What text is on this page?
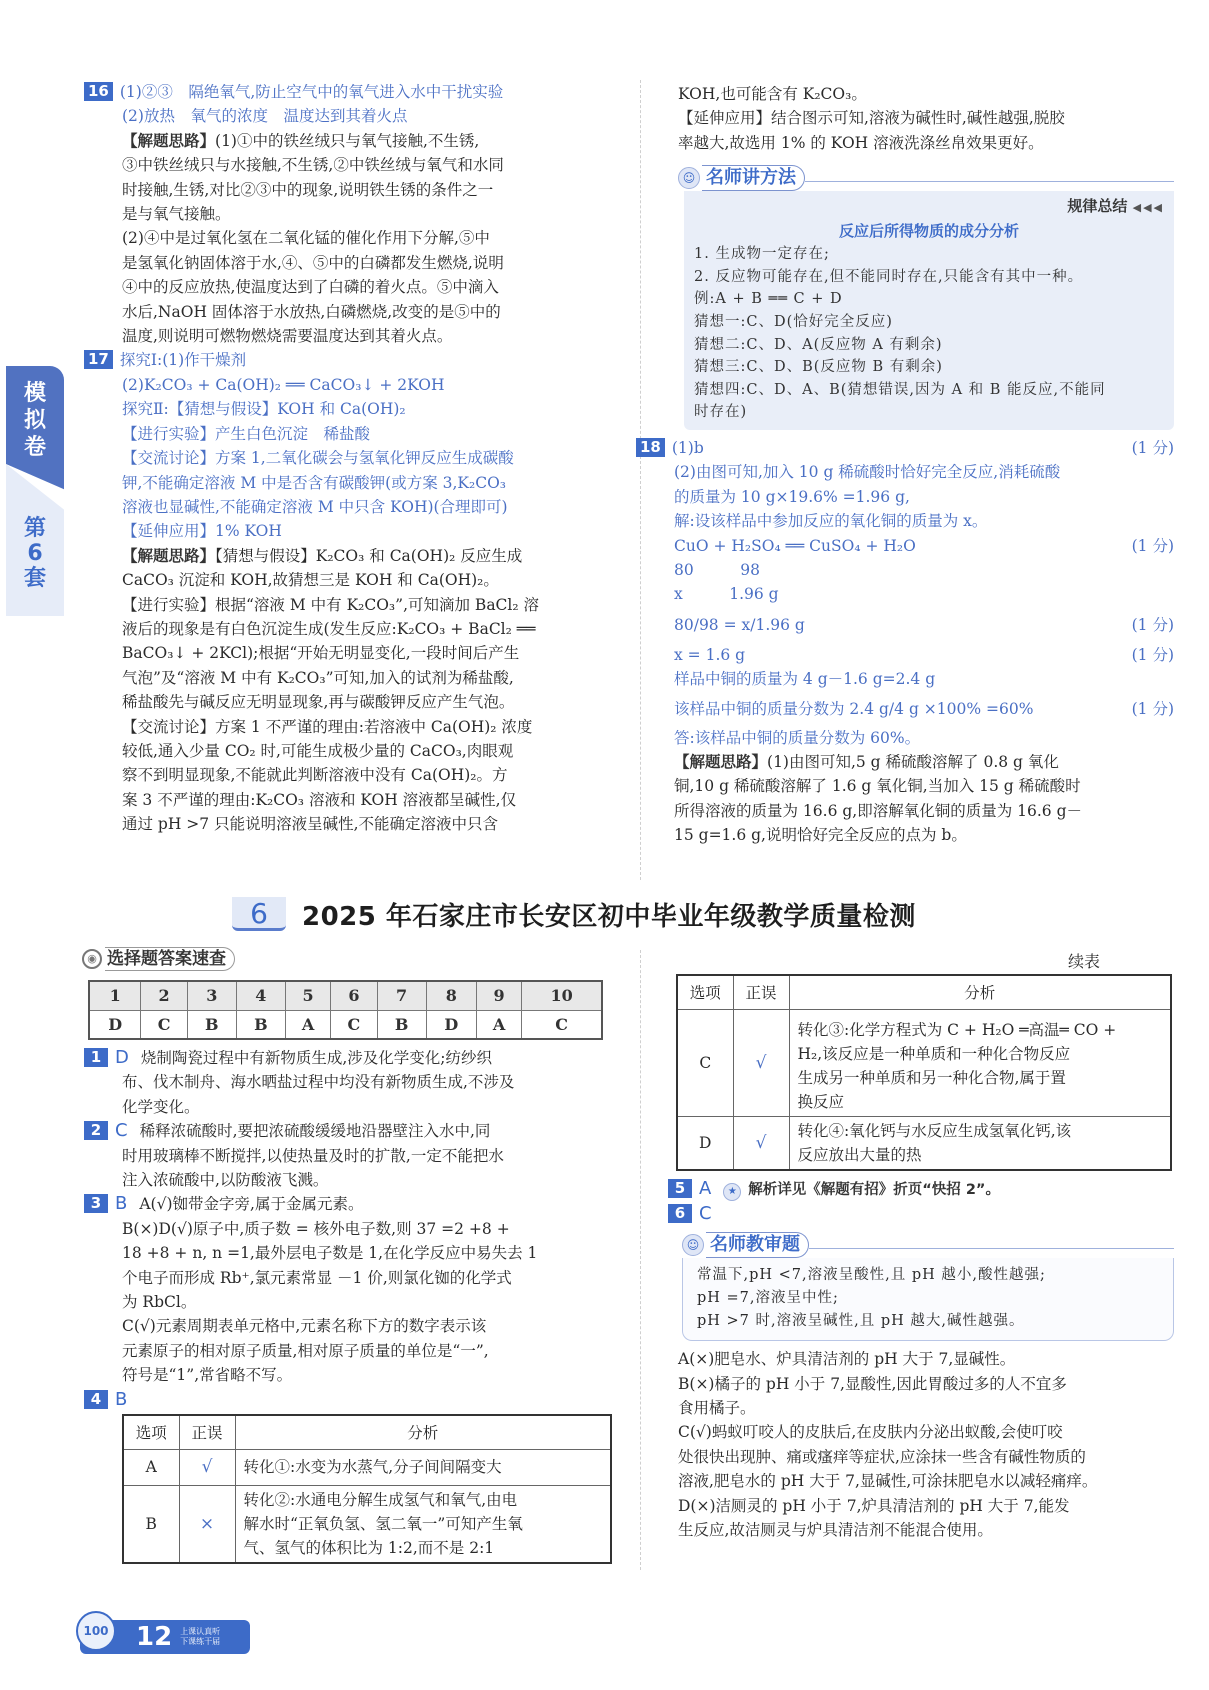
模拟卷
第6套
16 (1)②③　隔绝氧气,防止空气中的氧气进入水中干扰实验
(2)放热　氧气的浓度　温度达到其着火点
【解题思路】(1)①中的铁丝绒只与氧气接触,不生锈,
③中铁丝绒只与水接触,不生锈,②中铁丝绒与氧气和水同
时接触,生锈,对比②③中的现象,说明铁生锈的条件之一
是与氧气接触。
(2)④中是过氧化氢在二氧化锰的催化作用下分解,⑤中
是氢氧化钠固体溶于水,④、⑤中的白磷都发生燃烧,说明
④中的反应放热,使温度达到了白磷的着火点。⑤中滴入
水后,NaOH 固体溶于水放热,白磷燃烧,改变的是⑤中的
温度,则说明可燃物燃烧需要温度达到其着火点。
17 探究Ⅰ:(1)作干燥剂
(2)K₂CO₃ + Ca(OH)₂ ══ CaCO₃↓ + 2KOH
探究Ⅱ:【猜想与假设】KOH 和 Ca(OH)₂
【进行实验】产生白色沉淀　稀盐酸
【交流讨论】方案 1,二氧化碳会与氢氧化钾反应生成碳酸
钾,不能确定溶液 M 中是否含有碳酸钾(或方案 3,K₂CO₃
溶液也显碱性,不能确定溶液 M 中只含 KOH)(合理即可)
【延伸应用】1% KOH
【解题思路】【猜想与假设】K₂CO₃ 和 Ca(OH)₂ 反应生成
CaCO₃ 沉淀和 KOH,故猜想三是 KOH 和 Ca(OH)₂。
【进行实验】根据“溶液 M 中有 K₂CO₃”,可知滴加 BaCl₂ 溶
液后的现象是有白色沉淀生成(发生反应:K₂CO₃ + BaCl₂ ══
BaCO₃↓ + 2KCl);根据“开始无明显变化,一段时间后产生
气泡”及“溶液 M 中有 K₂CO₃”可知,加入的试剂为稀盐酸,
稀盐酸先与碱反应无明显现象,再与碳酸钾反应产生气泡。
【交流讨论】方案 1 不严谨的理由:若溶液中 Ca(OH)₂ 浓度
较低,通入少量 CO₂ 时,可能生成极少量的 CaCO₃,肉眼观
察不到明显现象,不能就此判断溶液中没有 Ca(OH)₂。方
案 3 不严谨的理由:K₂CO₃ 溶液和 KOH 溶液都呈碱性,仅
通过 pH >7 只能说明溶液呈碱性,不能确定溶液中只含
KOH,也可能含有 K₂CO₃。
【延伸应用】结合图示可知,溶液为碱性时,碱性越强,脱胶
率越大,故选用 1% 的 KOH 溶液洗涤丝帛效果更好。
☺ 名师讲方法
规律总结 ◀◀◀
反应后所得物质的成分分析
1. 生成物一定存在;
2. 反应物可能存在,但不能同时存在,只能含有其中一种。
例:A + B ══ C + D
猜想一:C、D(恰好完全反应)
猜想二:C、D、A(反应物 A 有剩余)
猜想三:C、D、B(反应物 B 有剩余)
猜想四:C、D、A、B(猜想错误,因为 A 和 B 能反应,不能同
时存在)
18 (1)b	(1 分)
(2)由图可知,加入 10 g 稀硫酸时恰好完全反应,消耗硫酸
的质量为 10 g×19.6% =1.96 g,
解:设该样品中参加反应的氧化铜的质量为 x。
CuO + H₂SO₄ ══ CuSO₄ + H₂O	(1 分)
80　　　98
x　　　1.96 g
80/98 = x/1.96 g	(1 分)
x = 1.6 g	(1 分)
样品中铜的质量为 4 g－1.6 g=2.4 g
该样品中铜的质量分数为 2.4 g/4 g ×100% =60%	(1 分)
答:该样品中铜的质量分数为 60%。
【解题思路】(1)由图可知,5 g 稀硫酸溶解了 0.8 g 氧化
铜,10 g 稀硫酸溶解了 1.6 g 氧化铜,当加入 15 g 稀硫酸时
所得溶液的质量为 16.6 g,即溶解氧化铜的质量为 16.6 g－
15 g=1.6 g,说明恰好完全反应的点为 b。
6	2025 年石家庄市长安区初中毕业年级教学质量检测
◉ 选择题答案速查
1	2	3	4	5	6	7	8	9	10
D	C	B	B	A	C	B	D	A	C
1 D 烧制陶瓷过程中有新物质生成,涉及化学变化;纺纱织
布、伐木制舟、海水晒盐过程中均没有新物质生成,不涉及
化学变化。
2 C 稀释浓硫酸时,要把浓硫酸缓缓地沿器壁注入水中,同
时用玻璃棒不断搅拌,以使热量及时的扩散,一定不能把水
注入浓硫酸中,以防酸液飞溅。
3 B A(√)铷带金字旁,属于金属元素。
B(×)D(√)原子中,质子数 = 核外电子数,则 37 =2 +8 +
18 +8 + n, n =1,最外层电子数是 1,在化学反应中易失去 1
个电子而形成 Rb⁺,氯元素常显 －1 价,则氯化铷的化学式
为 RbCl。
C(√)元素周期表单元格中,元素名称下方的数字表示该
元素原子的相对原子质量,相对原子质量的单位是“一”,
符号是“1”,常省略不写。
4 B
选项	正误	分析
A	√	转化①:水变为水蒸气,分子间间隔变大
B	×	转化②:水通电分解生成氢气和氧气,由电
解水时“正氧负氢、氢二氧一”可知产生氧
气、氢气的体积比为 1:2,而不是 2:1
续表
选项	正误	分析
C	√	转化③:化学方程式为 C + H₂O ═高温═ CO +
H₂,该反应是一种单质和一种化合物反应
生成另一种单质和另一种化合物,属于置
换反应

D	√	转化④:氧化钙与水反应生成氢氧化钙,该
反应放出大量的热
5 A ★ 解析详见《解题有招》折页“快招 2”。
6 C
☺ 名师教审题
常温下,pH <7,溶液呈酸性,且 pH 越小,酸性越强;
pH =7,溶液呈中性;
pH >7 时,溶液呈碱性,且 pH 越大,碱性越强。
A(×)肥皂水、炉具清洁剂的 pH 大于 7,显碱性。
B(×)橘子的 pH 小于 7,显酸性,因此胃酸过多的人不宜多
食用橘子。
C(√)蚂蚁叮咬人的皮肤后,在皮肤内分泌出蚁酸,会使叮咬
处很快出现肿、痛或瘙痒等症状,应涂抹一些含有碱性物质的
溶液,肥皂水的 pH 大于 7,显碱性,可涂抹肥皂水以减轻痛痒。
D(×)洁厕灵的 pH 小于 7,炉具清洁剂的 pH 大于 7,能发
生反应,故洁厕灵与炉具清洁剂不能混合使用。
100 12 上课认真听
下课练干届
